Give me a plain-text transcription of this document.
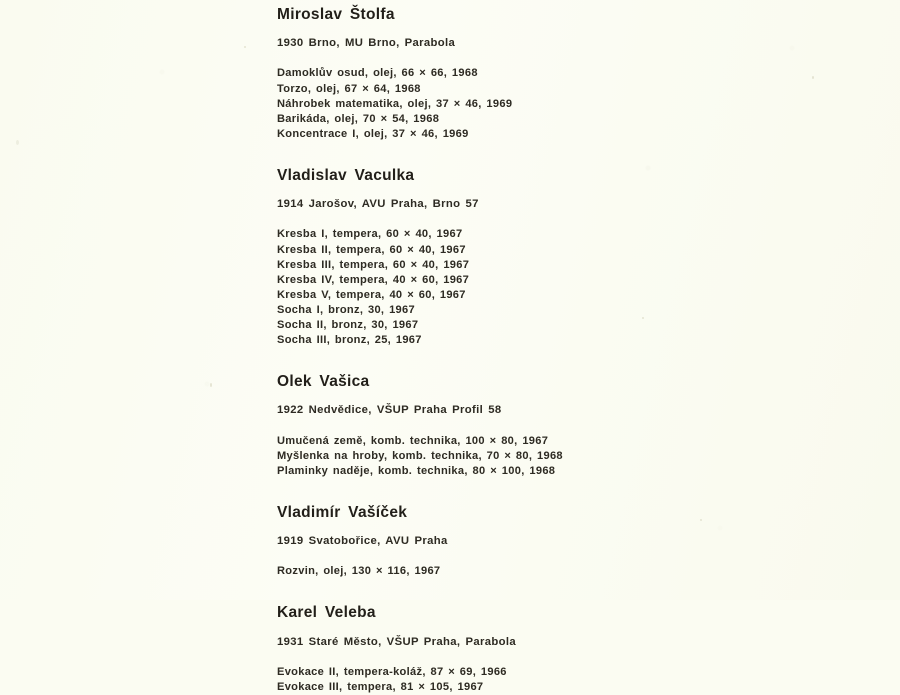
Miroslav Štolfa
1930 Brno, MU Brno, Parabola
Damoklův osud, olej, 66 × 66, 1968
Torzo, olej, 67 × 64, 1968
Náhrobek matematika, olej, 37 × 46, 1969
Barikáda, olej, 70 × 54, 1968
Koncentrace I, olej, 37 × 46, 1969
Vladislav Vaculka
1914 Jarošov, AVU Praha, Brno 57
Kresba I, tempera, 60 × 40, 1967
Kresba II, tempera, 60 × 40, 1967
Kresba III, tempera, 60 × 40, 1967
Kresba IV, tempera, 40 × 60, 1967
Kresba V, tempera, 40 × 60, 1967
Socha I, bronz, 30, 1967
Socha II, bronz, 30, 1967
Socha III, bronz, 25, 1967
Olek Vašica
1922 Nedvědice, VŠUP Praha Profil 58
Umučená země, komb. technika, 100 × 80, 1967
Myšlenka na hroby, komb. technika, 70 × 80, 1968
Plaminky naděje, komb. technika, 80 × 100, 1968
Vladimír Vašíček
1919 Svatobořice, AVU Praha
Rozvin, olej, 130 × 116, 1967
Karel Veleba
1931 Staré Město, VŠUP Praha, Parabola
Evokace II, tempera-koláž, 87 × 69, 1966
Evokace III, tempera, 81 × 105, 1967
